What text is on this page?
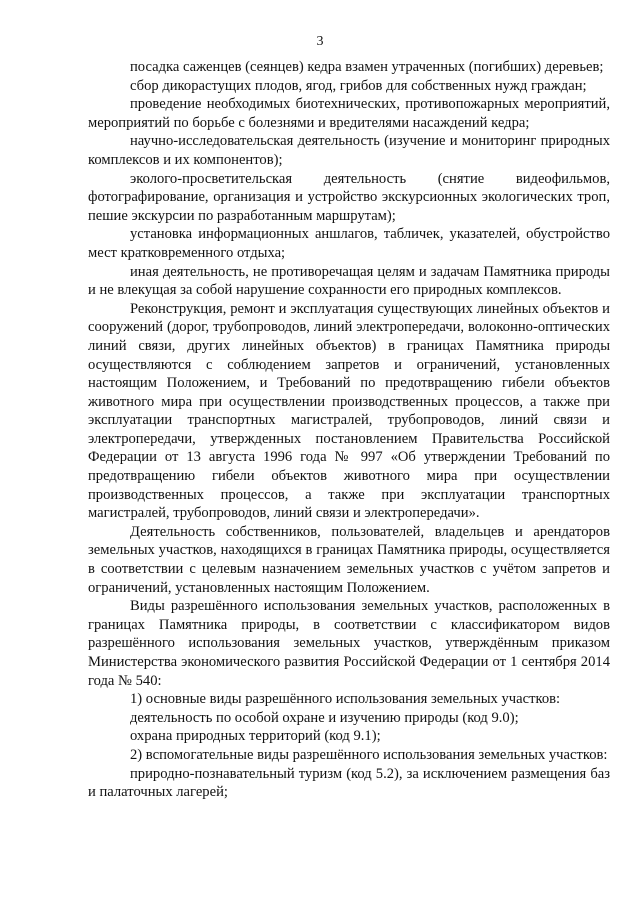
3

посадка саженцев (сеянцев) кедра взамен утраченных (погибших) деревьев;

сбор дикорастущих плодов, ягод, грибов для собственных нужд граждан;

проведение необходимых биотехнических, противопожарных мероприятий, мероприятий по борьбе с болезнями и вредителями насаждений кедра;

научно-исследовательская деятельность (изучение и мониторинг природных комплексов и их компонентов);

эколого-просветительская деятельность (снятие видеофильмов, фотографирование, организация и устройство экскурсионных экологических троп, пешие экскурсии по разработанным маршрутам);

установка информационных аншлагов, табличек, указателей, обустройство мест кратковременного отдыха;

иная деятельность, не противоречащая целям и задачам Памятника природы и не влекущая за собой нарушение сохранности его природных комплексов.

Реконструкция, ремонт и эксплуатация существующих линейных объектов и сооружений (дорог, трубопроводов, линий электропередачи, волоконно-оптических линий связи, других линейных объектов) в границах Памятника природы осуществляются с соблюдением запретов и ограничений, установленных настоящим Положением, и Требований по предотвращению гибели объектов животного мира при осуществлении производственных процессов, а также при эксплуатации транспортных магистралей, трубопроводов, линий связи и электропередачи, утвержденных постановлением Правительства Российской Федерации от 13 августа 1996 года № 997 «Об утверждении Требований по предотвращению гибели объектов животного мира при осуществлении производственных процессов, а также при эксплуатации транспортных магистралей, трубопроводов, линий связи и электропередачи».

Деятельность собственников, пользователей, владельцев и арендаторов земельных участков, находящихся в границах Памятника природы, осуществляется в соответствии с целевым назначением земельных участков с учётом запретов и ограничений, установленных настоящим Положением.

Виды разрешённого использования земельных участков, расположенных в границах Памятника природы, в соответствии с классификатором видов разрешённого использования земельных участков, утверждённым приказом Министерства экономического развития Российской Федерации от 1 сентября 2014 года № 540:

1) основные виды разрешённого использования земельных участков:

деятельность по особой охране и изучению природы (код 9.0);

охрана природных территорий (код 9.1);

2) вспомогательные виды разрешённого использования земельных участков:

природно-познавательный туризм (код 5.2), за исключением размещения баз и палаточных лагерей;
